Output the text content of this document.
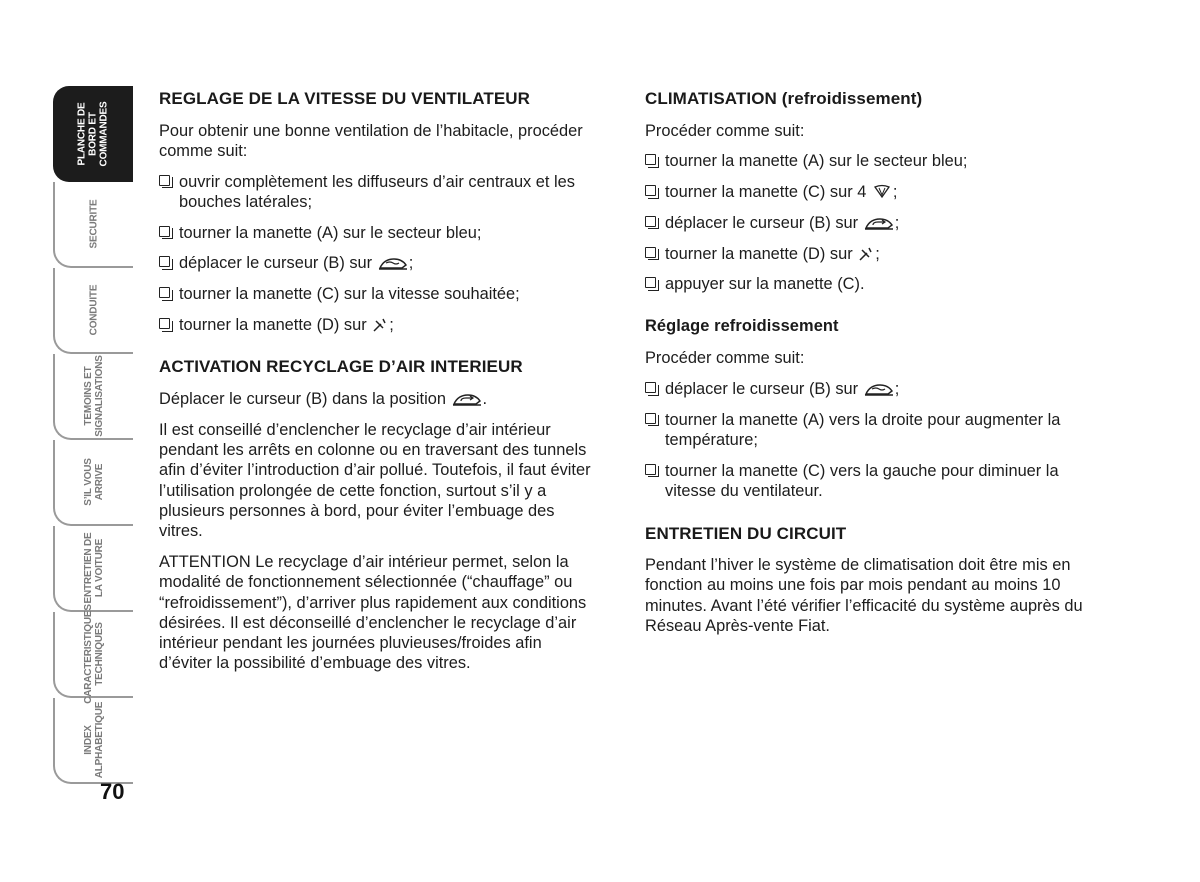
PLANCHE DE
BORD ET
COMMANDES
SECURITE
CONDUITE
TEMOINS ET
SIGNALISATIONS
S’IL VOUS
ARRIVE
ENTRETIEN DE
LA VOITURE
CARACTERISTIQUES
TECHNIQUES
INDEX
ALPHABETIQUE
70
REGLAGE DE LA VITESSE DU VENTILATEUR

Pour obtenir une bonne ventilation de l’habitacle, procéder comme suit:

ouvrir complètement les diffuseurs d’air centraux et les bouches latérales;
tourner la manette (A) sur le secteur bleu;
déplacer le curseur (B) sur ;
tourner la manette (C) sur la vitesse souhaitée;
tourner la manette (D) sur ;
ACTIVATION RECYCLAGE D’AIR INTERIEUR

Déplacer le curseur (B) dans la position .

Il est conseillé d’enclencher le recyclage d’air intérieur pendant les arrêts en colonne ou en traversant des tunnels afin d’éviter l’introduction d’air pollué. Toutefois, il faut éviter l’utilisation prolongée de cette fonction, surtout s’il y a plusieurs personnes à bord, pour éviter l’embuage des vitres.

ATTENTION Le recyclage d’air intérieur permet, selon la modalité de fonctionnement sélectionnée (“chauffage” ou “refroidissement”), d’arriver plus rapidement aux conditions désirées. Il est déconseillé d’enclencher le recyclage d’air intérieur pendant les journées pluvieuses/froides afin d’éviter la possibilité d’embuage des vitres.

CLIMATISATION (refroidissement)

Procéder comme suit:

tourner la manette (A) sur le secteur bleu;
tourner la manette (C) sur 4 ;
déplacer le curseur (B) sur ;
tourner la manette (D) sur ;
appuyer sur la manette (C).
Réglage refroidissement

Procéder comme suit:

déplacer le curseur (B) sur ;
tourner la manette (A) vers la droite pour augmenter la température;
tourner la manette (C) vers la gauche pour diminuer la vitesse du ventilateur.
ENTRETIEN DU CIRCUIT

Pendant l’hiver le système de climatisation doit être mis en fonction au moins une fois par mois pendant au moins 10 minutes. Avant l’été vérifier l’efficacité du système auprès du Réseau Après-vente Fiat.
